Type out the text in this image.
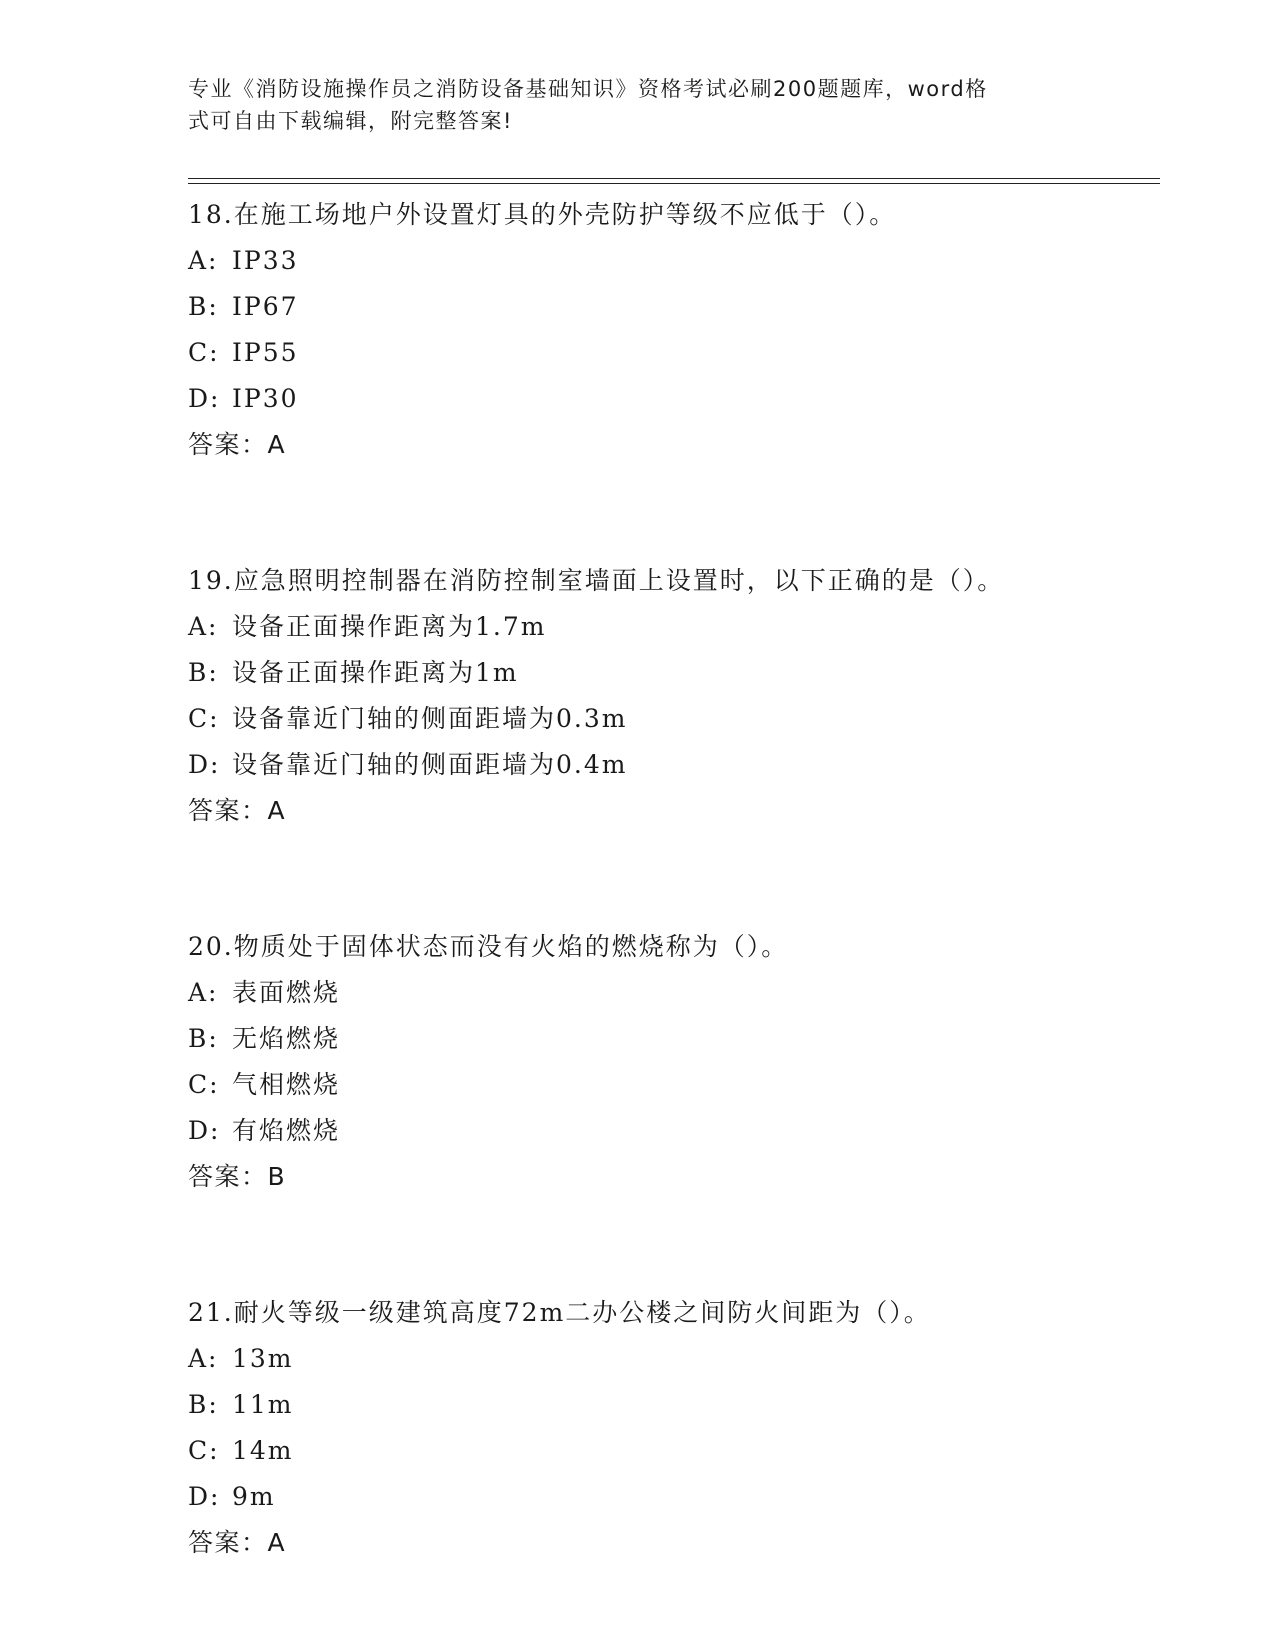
专业《消防设施操作员之消防设备基础知识》资格考试必刷200题题库，word格
式可自由下载编辑，附完整答案!
18.在施工场地户外设置灯具的外壳防护等级不应低于（）。
A: IP33
B: IP67
C: IP55
D: IP30
答案：A
19.应急照明控制器在消防控制室墙面上设置时，以下正确的是（）。
A: 设备正面操作距离为1.7m
B: 设备正面操作距离为1m
C: 设备靠近门轴的侧面距墙为0.3m
D: 设备靠近门轴的侧面距墙为0.4m
答案：A
20.物质处于固体状态而没有火焰的燃烧称为（）。
A: 表面燃烧
B: 无焰燃烧
C: 气相燃烧
D: 有焰燃烧
答案：B
21.耐火等级一级建筑高度72m二办公楼之间防火间距为（）。
A: 13m
B: 11m
C: 14m
D: 9m
答案：A
